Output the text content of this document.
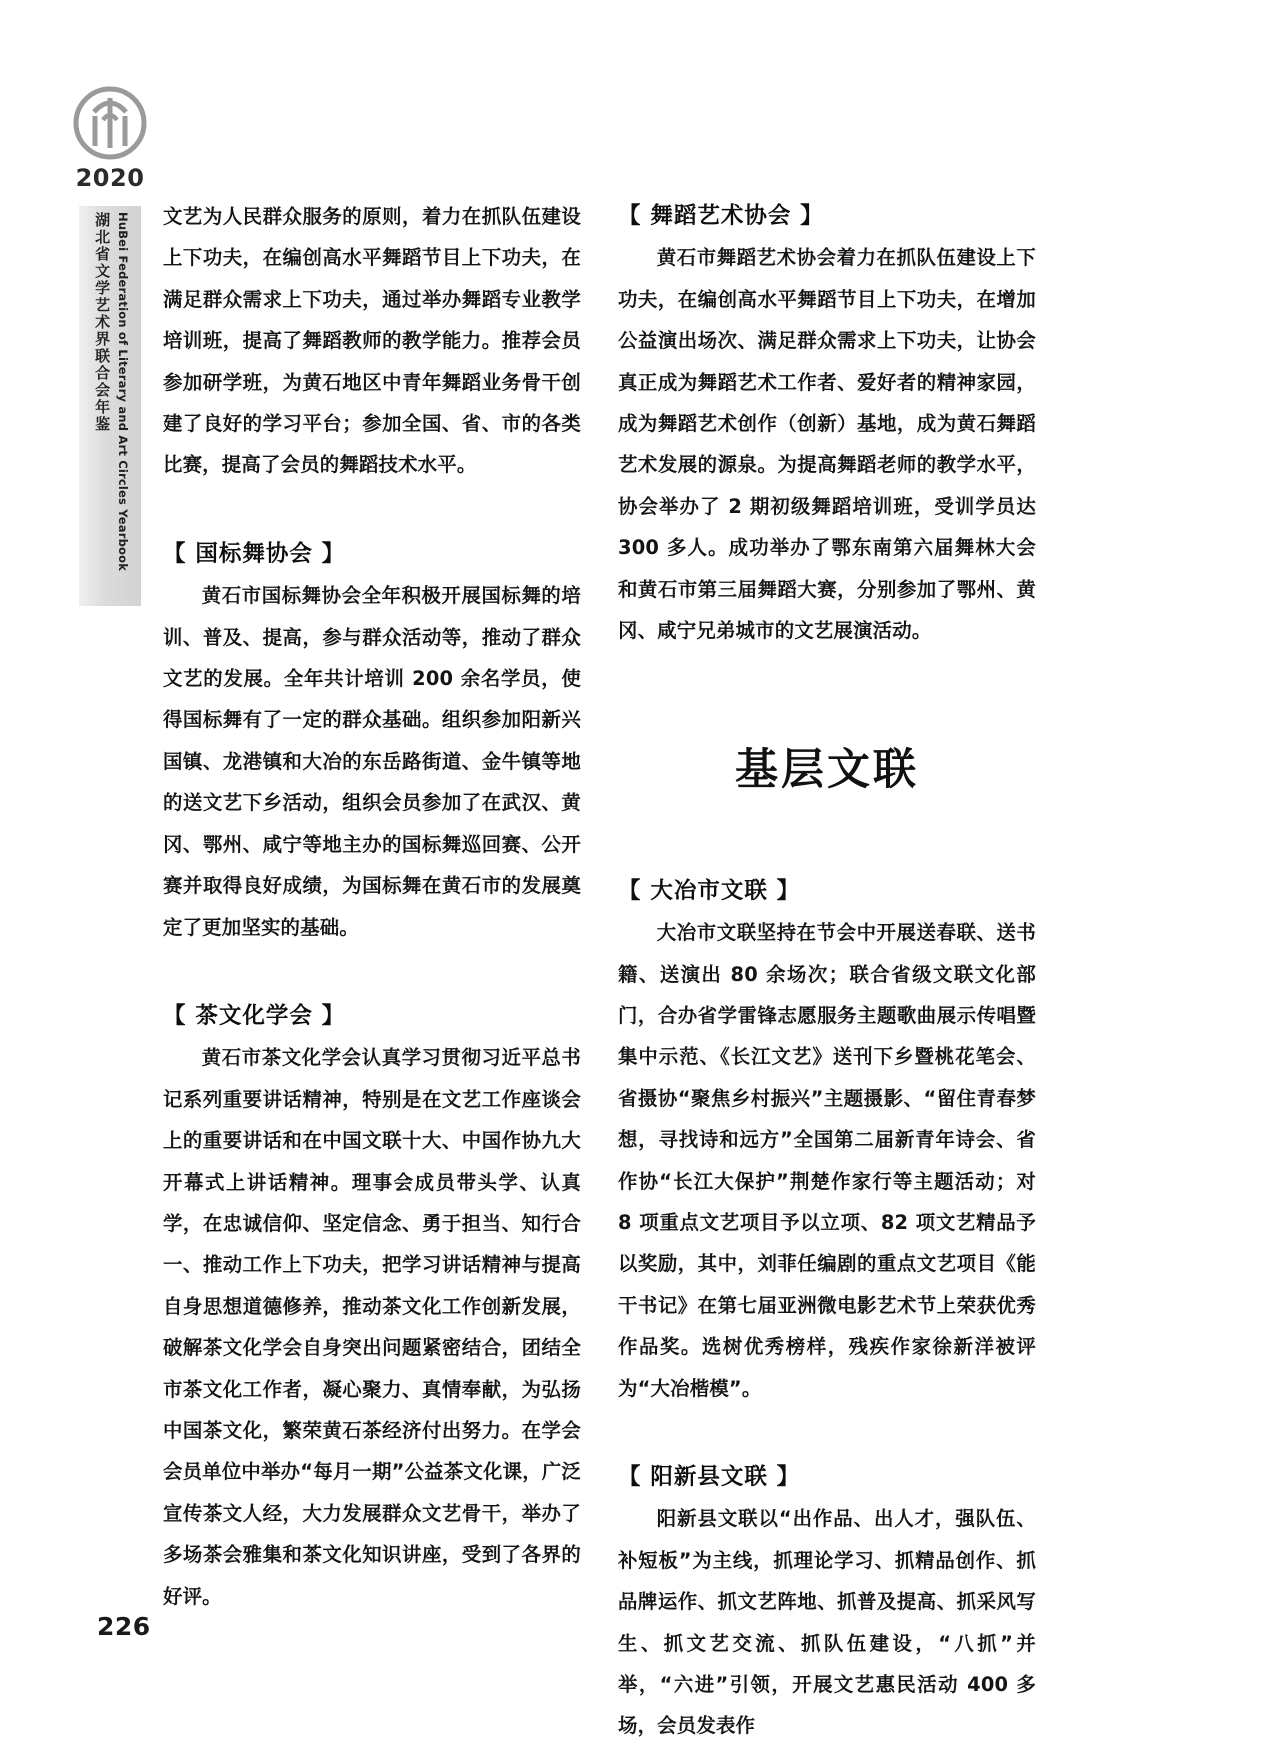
2020
湖北省文学艺术界联合会年鉴 HuBei Federation of Literary and Art Circles Yearbook 文艺为人民群众服务的原则，着力在抓队伍建设上下功夫，在编创高水平舞蹈节目上下功夫，在满足群众需求上下功夫，通过举办舞蹈专业教学培训班，提高了舞蹈教师的教学能力。推荐会员参加研学班，为黄石地区中青年舞蹈业务骨干创建了良好的学习平台；参加全国、省、市的各类比赛，提高了会员的舞蹈技术水平。

【 国标舞协会 】

黄石市国标舞协会全年积极开展国标舞的培训、普及、提高，参与群众活动等，推动了群众文艺的发展。全年共计培训 200 余名学员，使得国标舞有了一定的群众基础。组织参加阳新兴国镇、龙港镇和大冶的东岳路街道、金牛镇等地的送文艺下乡活动，组织会员参加了在武汉、黄冈、鄂州、咸宁等地主办的国标舞巡回赛、公开赛并取得良好成绩，为国标舞在黄石市的发展奠定了更加坚实的基础。

【 茶文化学会 】

黄石市茶文化学会认真学习贯彻习近平总书记系列重要讲话精神，特别是在文艺工作座谈会上的重要讲话和在中国文联十大、中国作协九大开幕式上讲话精神。理事会成员带头学、认真学，在忠诚信仰、坚定信念、勇于担当、知行合一、推动工作上下功夫，把学习讲话精神与提高自身思想道德修养，推动茶文化工作创新发展，破解茶文化学会自身突出问题紧密结合，团结全市茶文化工作者，凝心聚力、真情奉献，为弘扬中国茶文化，繁荣黄石茶经济付出努力。在学会会员单位中举办“每月一期”公益茶文化课，广泛宣传茶文人经，大力发展群众文艺骨干，举办了多场茶会雅集和茶文化知识讲座，受到了各界的好评。

【 舞蹈艺术协会 】

黄石市舞蹈艺术协会着力在抓队伍建设上下功夫，在编创高水平舞蹈节目上下功夫，在增加公益演出场次、满足群众需求上下功夫，让协会真正成为舞蹈艺术工作者、爱好者的精神家园，成为舞蹈艺术创作（创新）基地，成为黄石舞蹈艺术发展的源泉。为提高舞蹈老师的教学水平，协会举办了 2 期初级舞蹈培训班，受训学员达 300 多人。成功举办了鄂东南第六届舞林大会和黄石市第三届舞蹈大赛，分别参加了鄂州、黄冈、咸宁兄弟城市的文艺展演活动。

基层文联
【 大冶市文联 】

大冶市文联坚持在节会中开展送春联、送书籍、送演出 80 余场次；联合省级文联文化部门，合办省学雷锋志愿服务主题歌曲展示传唱暨集中示范、《长江文艺》送刊下乡暨桃花笔会、省摄协“聚焦乡村振兴”主题摄影、“留住青春梦想，寻找诗和远方”全国第二届新青年诗会、省作协“长江大保护”荆楚作家行等主题活动；对 8 项重点文艺项目予以立项、82 项文艺精品予以奖励，其中，刘菲任编剧的重点文艺项目《能干书记》在第七届亚洲微电影艺术节上荣获优秀作品奖。选树优秀榜样，残疾作家徐新洋被评为“大冶楷模”。

【 阳新县文联 】

阳新县文联以“出作品、出人才，强队伍、补短板”为主线，抓理论学习、抓精品创作、抓品牌运作、抓文艺阵地、抓普及提高、抓采风写生、抓文艺交流、抓队伍建设，“八抓”并举，“六进”引领，开展文艺惠民活动 400 多场，会员发表作

226
